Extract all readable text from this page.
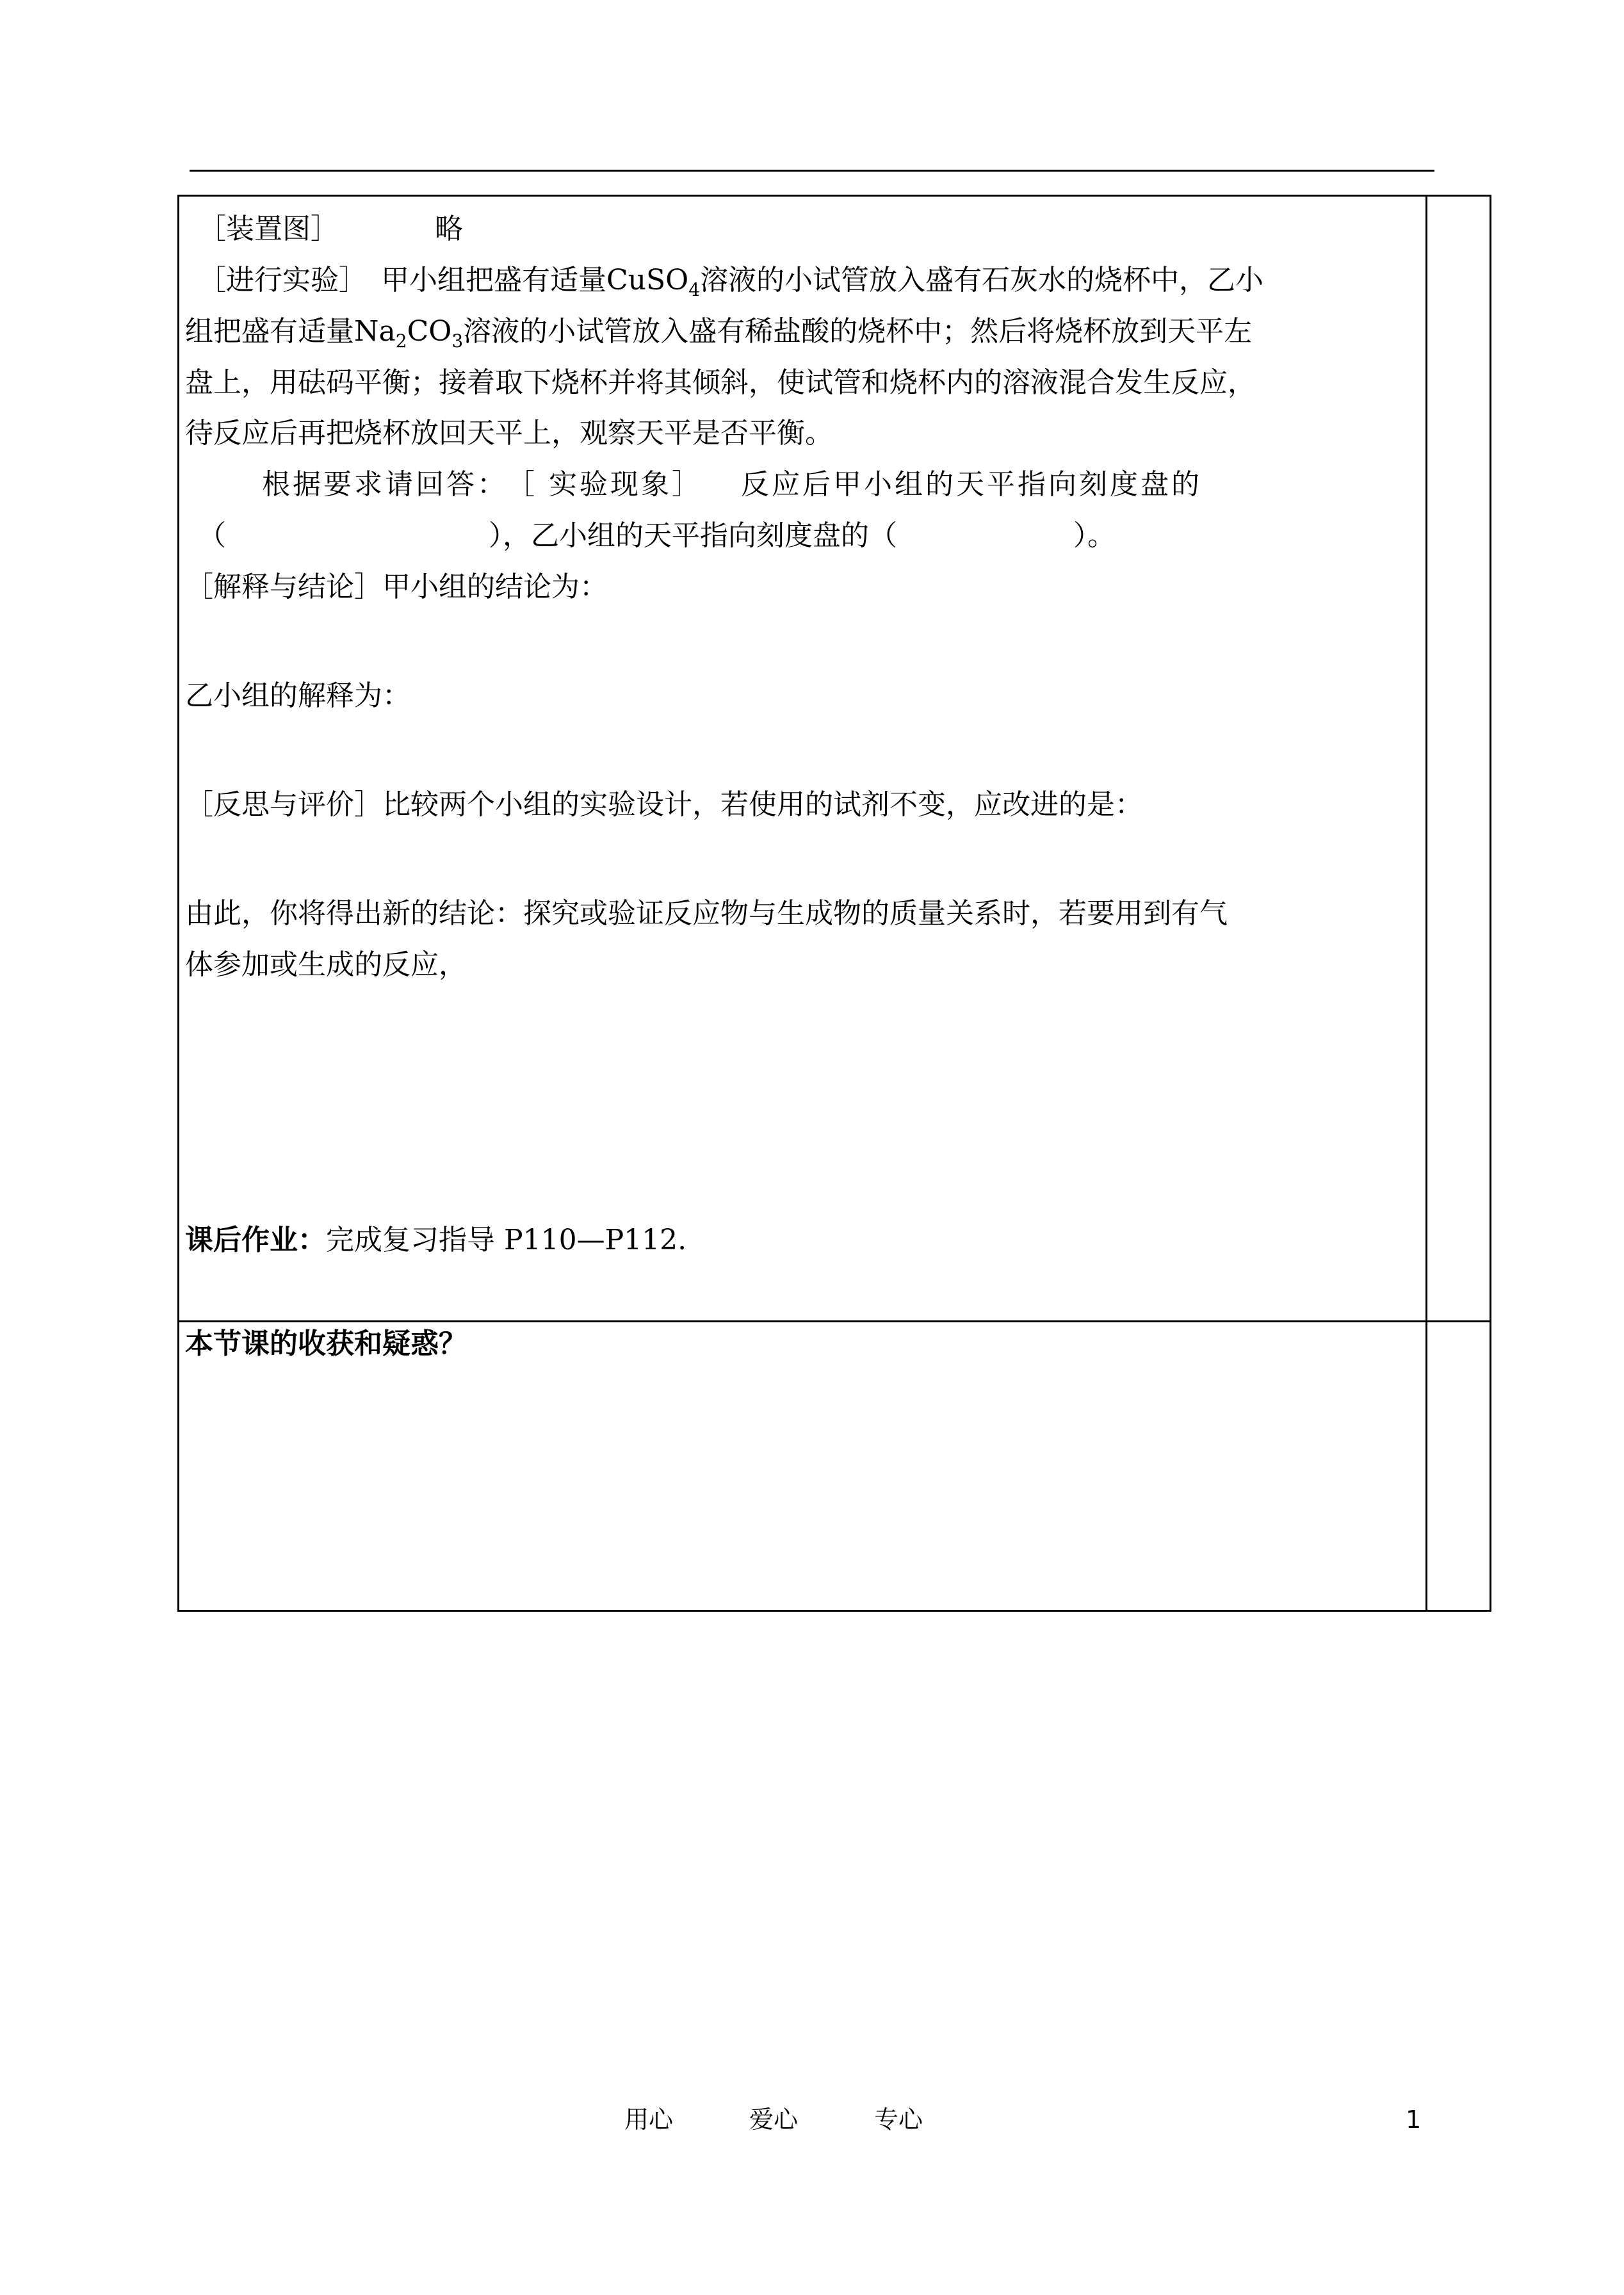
［装置图］	略
［进行实验］ 甲小组把盛有适量CuSO$_4$溶液的小试管放入盛有石灰水的烧杯中，乙小
组把盛有适量$Na_2CO_3$溶液的小试管放入盛有稀盐酸的烧杯中；然后将烧杯放到天平左
盘上，用砝码平衡；接着取下烧杯并将其倾斜，使试管和烧杯内的溶液混合发生反应，
待反应后再把烧杯放回天平上，观察天平是否平衡。
根据要求请回答： ［ 实验现象］ 反应后甲小组的天平指向刻度盘的
（	），乙小组的天平指向刻度盘的（	）。
［解释与结论］甲小组的结论为：
乙小组的解释为：
［反思与评价］比较两个小组的实验设计，若使用的试剂不变，应改进的是：
由此，你将得出新的结论：探究或验证反应物与生成物的质量关系时，若要用到有气
体参加或生成的反应，
课后作业：完成复习指导 P110—P112.
本节课的收获和疑惑？
用心	爱心	专心	1
